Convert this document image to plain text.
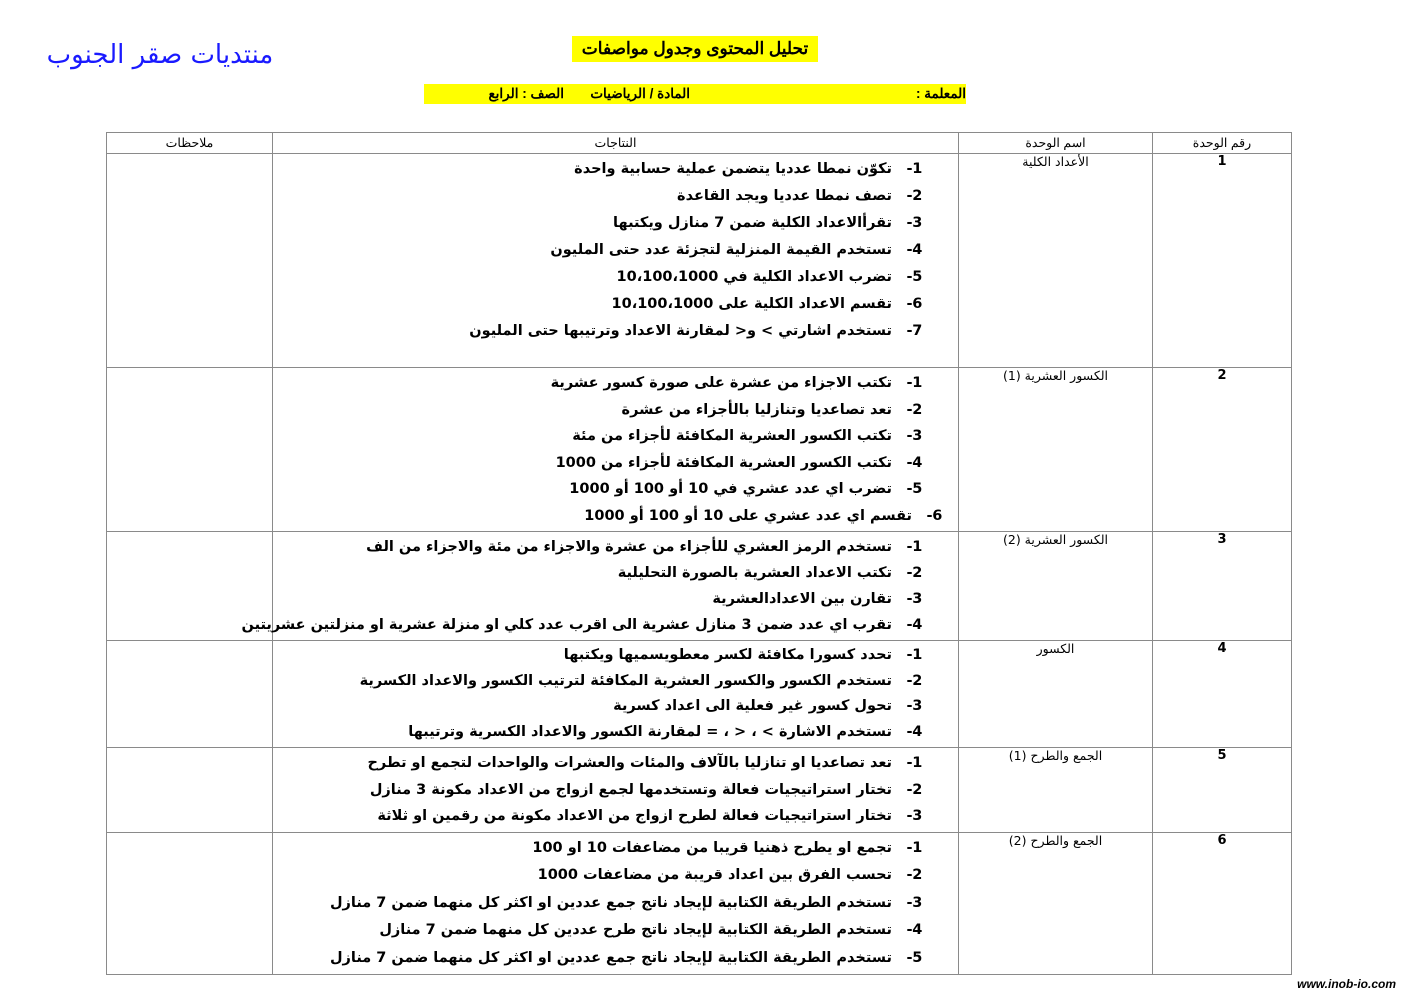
منتديات صقر الجنوب	تحليل المحتوى وجدول مواصفات
المعلمة :
المادة / الرياضيات
الصف : الرابع
رقم الوحدة	اسم الوحدة	النتاجات	ملاحظات
1	الأعداد الكلية	
1-تكوّن نمطا عدديا يتضمن عملية حسابية واحدة
2-تصف نمطا عدديا ويجد القاعدة
3-تقرأالاعداد الكلية ضمن 7 منازل ويكتبها
4-تستخدم القيمة المنزلية لتجزئة عدد حتى المليون
5-تضرب الاعداد الكلية في 10،100،1000
6-تقسم الاعداد الكلية على 10،100،1000
7-تستخدم اشارتي > و< لمقارنة الاعداد وترتيبها حتى المليون

2	الكسور العشرية (1)	
1-تكتب الاجزاء من عشرة على صورة كسور عشرية
2-تعد تصاعديا وتنازليا بالأجزاء من عشرة
3-تكتب الكسور العشرية المكافئة لأجزاء من مئة
4-تكتب الكسور العشرية المكافئة لأجزاء من 1000
5-تضرب اي عدد عشري في 10 أو 100 أو 1000
6-تقسم اي عدد عشري على 10 أو 100 أو 1000

3	الكسور العشرية (2)	
1-تستخدم الرمز العشري للأجزاء من عشرة والاجزاء من مئة والاجزاء من الف
2-تكتب الاعداد العشرية بالصورة التحليلية
3-تقارن بين الاعدادالعشرية
4-تقرب اي عدد ضمن 3 منازل عشرية الى اقرب عدد كلي او منزلة عشرية او منزلتين عشريتين

4	الكسور	
1-تحدد كسورا مكافئة لكسر معطويسميها ويكتبها
2-تستخدم الكسور والكسور العشرية المكافئة لترتيب الكسور والاعداد الكسرية
3-تحول كسور غير فعلية الى اعداد كسرية
4-تستخدم الاشارة > ، < ، = لمقارنة الكسور والاعداد الكسرية وترتيبها

5	الجمع والطرح (1)	
1-تعد تصاعديا او تنازليا بالآلاف والمئات والعشرات والواحدات لتجمع او تطرح
2-تختار استراتيجيات فعالة وتستخدمها لجمع ازواج من الاعداد مكونة 3 منازل
3-تختار استراتيجيات فعالة لطرح ازواج من الاعداد مكونة من رقمين او ثلاثة

6	الجمع والطرح (2)	
1-تجمع او يطرح ذهنيا قريبا من مضاعفات 10 او 100
2-تحسب الفرق بين اعداد قريبة من مضاعفات 1000
3-تستخدم الطريقة الكتابية لإيجاد ناتج جمع عددين او اكثر كل منهما ضمن 7 منازل
4-تستخدم الطريقة الكتابية لإيجاد ناتج طرح عددين كل منهما ضمن 7 منازل
5-تستخدم الطريقة الكتابية لإيجاد ناتج جمع عددين او اكثر كل منهما ضمن 7 منازل

www.inob-io.com
